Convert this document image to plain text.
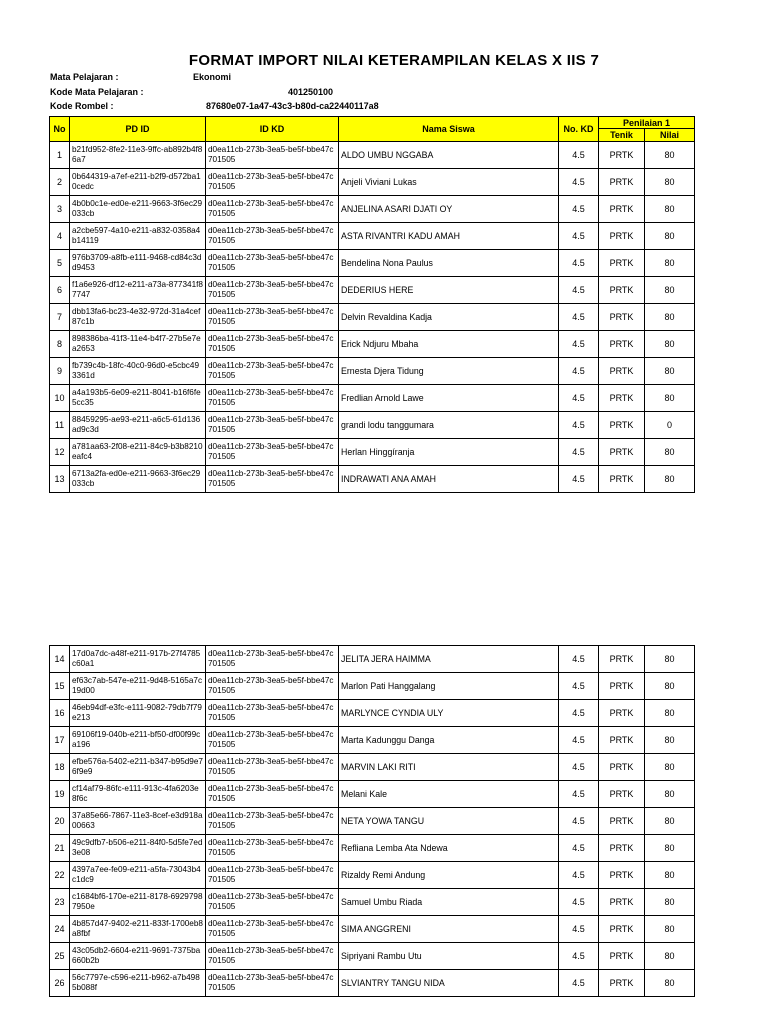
FORMAT IMPORT NILAI KETERAMPILAN KELAS X IIS 7
Mata Pelajaran :	Ekonomi
Kode Mata Pelajaran :	401250100
Kode Rombel :	87680e07-1a47-43c3-b80d-ca22440117a8
No	PD ID	ID KD	Nama Siswa	No. KD	Penilaian 1	
					Tenik	Nilai
1	b21fd952-8fe2-11e3-9ffc-ab892b4f86a7	d0ea11cb-273b-3ea5-be5f-bbe47c701505	ALDO UMBU NGGABA	4.5	PRTK	80
2	0b644319-a7ef-e211-b2f9-d572ba10cedc	d0ea11cb-273b-3ea5-be5f-bbe47c701505	Anjeli Viviani Lukas	4.5	PRTK	80
3	4b0b0c1e-ed0e-e211-9663-3f6ec29033cb	d0ea11cb-273b-3ea5-be5f-bbe47c701505	ANJELINA ASARI DJATI OY	4.5	PRTK	80
4	a2cbe597-4a10-e211-a832-0358a4b14119	d0ea11cb-273b-3ea5-be5f-bbe47c701505	ASTA RIVANTRI KADU AMAH	4.5	PRTK	80
5	976b3709-a8fb-e111-9468-cd84c3dd9453	d0ea11cb-273b-3ea5-be5f-bbe47c701505	Bendelina Nona Paulus	4.5	PRTK	80
6	f1a6e926-df12-e211-a73a-877341f87747	d0ea11cb-273b-3ea5-be5f-bbe47c701505	DEDERIUS HERE	4.5	PRTK	80
7	dbb13fa6-bc23-4e32-972d-31a4cef87c1b	d0ea11cb-273b-3ea5-be5f-bbe47c701505	Delvin Revaldina Kadja	4.5	PRTK	80
8	898386ba-41f3-11e4-b4f7-27b5e7ea2653	d0ea11cb-273b-3ea5-be5f-bbe47c701505	Erick Ndjuru Mbaha	4.5	PRTK	80
9	fb739c4b-18fc-40c0-96d0-e5cbc493361d	d0ea11cb-273b-3ea5-be5f-bbe47c701505	Ernesta Djera Tidung	4.5	PRTK	80
10	a4a193b5-6e09-e211-8041-b16f6fe5cc35	d0ea11cb-273b-3ea5-be5f-bbe47c701505	Fredlian Arnold Lawe	4.5	PRTK	80
11	88459295-ae93-e211-a6c5-61d136ad9c3d	d0ea11cb-273b-3ea5-be5f-bbe47c701505	grandi lodu tanggumara	4.5	PRTK	0
12	a781aa63-2f08-e211-84c9-b3b8210eafc4	d0ea11cb-273b-3ea5-be5f-bbe47c701505	Herlan Hinggíranja	4.5	PRTK	80
13	6713a2fa-ed0e-e211-9663-3f6ec29033cb	d0ea11cb-273b-3ea5-be5f-bbe47c701505	INDRAWATI ANA AMAH	4.5	PRTK	80
14	17d0a7dc-a48f-e211-917b-27f4785c60a1	d0ea11cb-273b-3ea5-be5f-bbe47c701505	JELITA JERA HAIMMA	4.5	PRTK	80
15	ef63c7ab-547e-e211-9d48-5165a7c19d00	d0ea11cb-273b-3ea5-be5f-bbe47c701505	Marlon Pati Hanggalang	4.5	PRTK	80
16	46eb94df-e3fc-e111-9082-79db7f79e213	d0ea11cb-273b-3ea5-be5f-bbe47c701505	MARLYNCE CYNDIA ULY	4.5	PRTK	80
17	69106f19-040b-e211-bf50-df00f99ca196	d0ea11cb-273b-3ea5-be5f-bbe47c701505	Marta Kadunggu Danga	4.5	PRTK	80
18	efbe576a-5402-e211-b347-b95d9e76f9e9	d0ea11cb-273b-3ea5-be5f-bbe47c701505	MARVIN LAKI RITI	4.5	PRTK	80
19	cf14af79-86fc-e111-913c-4fa6203e8f6c	d0ea11cb-273b-3ea5-be5f-bbe47c701505	Melani Kale	4.5	PRTK	80
20	37a85e66-7867-11e3-8cef-e3d918a00663	d0ea11cb-273b-3ea5-be5f-bbe47c701505	NETA YOWA TANGU	4.5	PRTK	80
21	49c9dfb7-b506-e211-84f0-5d5fe7ed3e08	d0ea11cb-273b-3ea5-be5f-bbe47c701505	Refliana Lemba Ata Ndewa	4.5	PRTK	80
22	4397a7ee-fe09-e211-a5fa-73043b4c1dc9	d0ea11cb-273b-3ea5-be5f-bbe47c701505	Rizaldy Remi Andung	4.5	PRTK	80
23	c1684bf6-170e-e211-8178-69297987950e	d0ea11cb-273b-3ea5-be5f-bbe47c701505	Samuel Umbu Riada	4.5	PRTK	80
24	4b857d47-9402-e211-833f-1700eb8a8fbf	d0ea11cb-273b-3ea5-be5f-bbe47c701505	SIMA ANGGRENI	4.5	PRTK	80
25	43c05db2-6604-e211-9691-7375ba660b2b	d0ea11cb-273b-3ea5-be5f-bbe47c701505	Sipriyani Rambu Utu	4.5	PRTK	80
26	56c7797e-c596-e211-b962-a7b4985b088f	d0ea11cb-273b-3ea5-be5f-bbe47c701505	SLVIANTRY TANGU NIDA	4.5	PRTK	80
